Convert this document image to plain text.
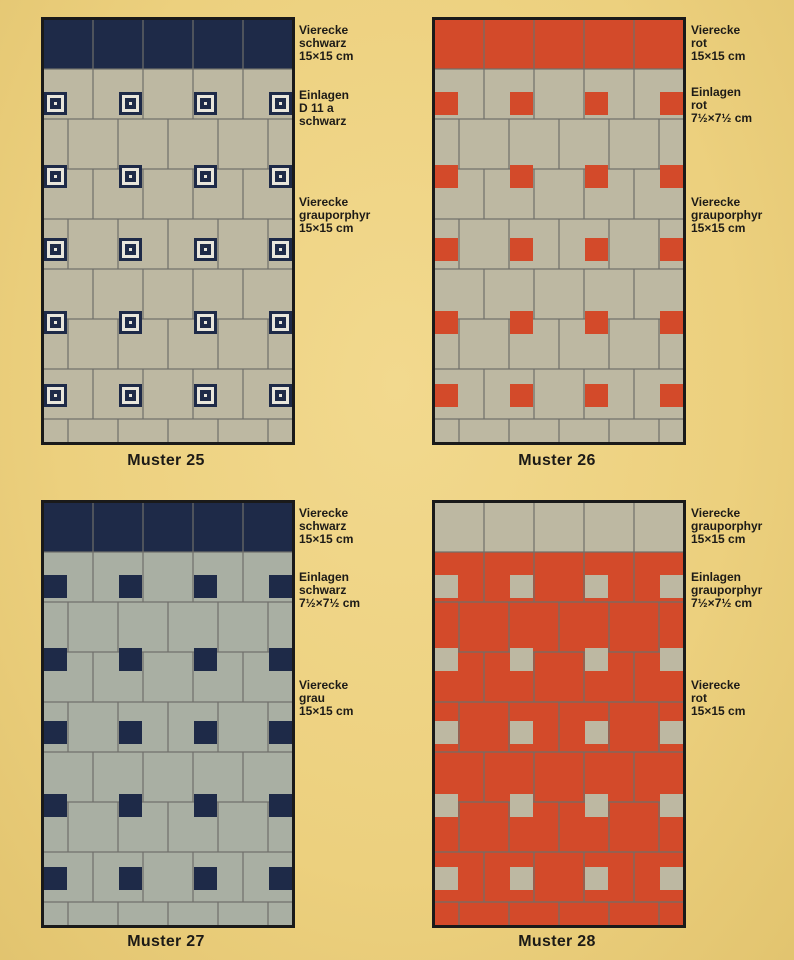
Muster 25
Vierecke
schwarz
15×15 cm
Einlagen
D 11 a
schwarz
Vierecke
grauporphyr
15×15 cm
Muster 26
Vierecke
rot
15×15 cm
Einlagen
rot
7½×7½ cm
Vierecke
grauporphyr
15×15 cm
Muster 27
Vierecke
schwarz
15×15 cm
Einlagen
schwarz
7½×7½ cm
Vierecke
grau
15×15 cm
Muster 28
Vierecke
grauporphyr
15×15 cm
Einlagen
grauporphyr
7½×7½ cm
Vierecke
rot
15×15 cm
